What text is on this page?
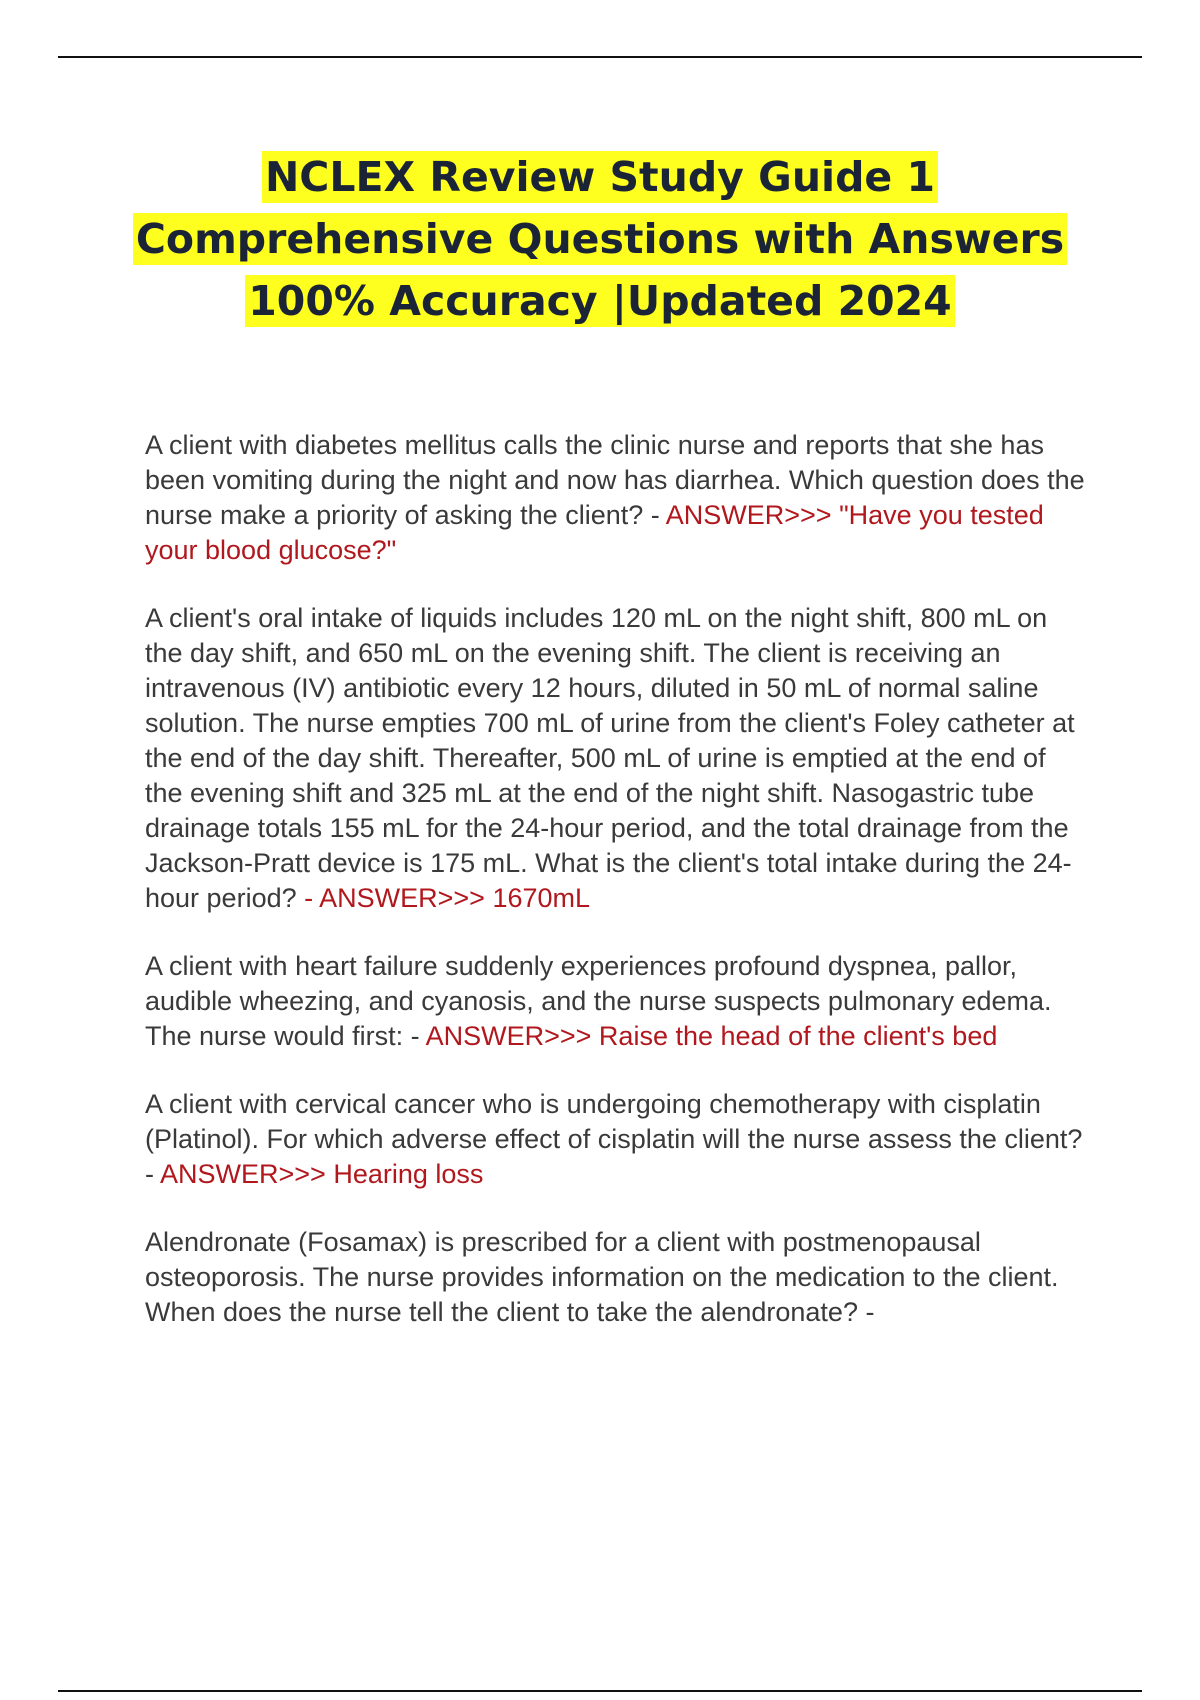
NCLEX Review Study Guide 1 Comprehensive Questions with Answers 100% Accuracy |Updated 2024

A client with diabetes mellitus calls the clinic nurse and reports that she has been vomiting during the night and now has diarrhea. Which question does the nurse make a priority of asking the client? - ANSWER>>> "Have you tested your blood glucose?"

A client's oral intake of liquids includes 120 mL on the night shift, 800 mL on the day shift, and 650 mL on the evening shift. The client is receiving an intravenous (IV) antibiotic every 12 hours, diluted in 50 mL of normal saline solution. The nurse empties 700 mL of urine from the client's Foley catheter at the end of the day shift. Thereafter, 500 mL of urine is emptied at the end of the evening shift and 325 mL at the end of the night shift. Nasogastric tube drainage totals 155 mL for the 24-hour period, and the total drainage from the Jackson-Pratt device is 175 mL. What is the client's total intake during the 24-hour period? - ANSWER>>> 1670mL

A client with heart failure suddenly experiences profound dyspnea, pallor, audible wheezing, and cyanosis, and the nurse suspects pulmonary edema. The nurse would first: - ANSWER>>> Raise the head of the client's bed

A client with cervical cancer who is undergoing chemotherapy with cisplatin (Platinol). For which adverse effect of cisplatin will the nurse assess the client? - ANSWER>>> Hearing loss

Alendronate (Fosamax) is prescribed for a client with postmenopausal osteoporosis. The nurse provides information on the medication to the client. When does the nurse tell the client to take the alendronate? -
